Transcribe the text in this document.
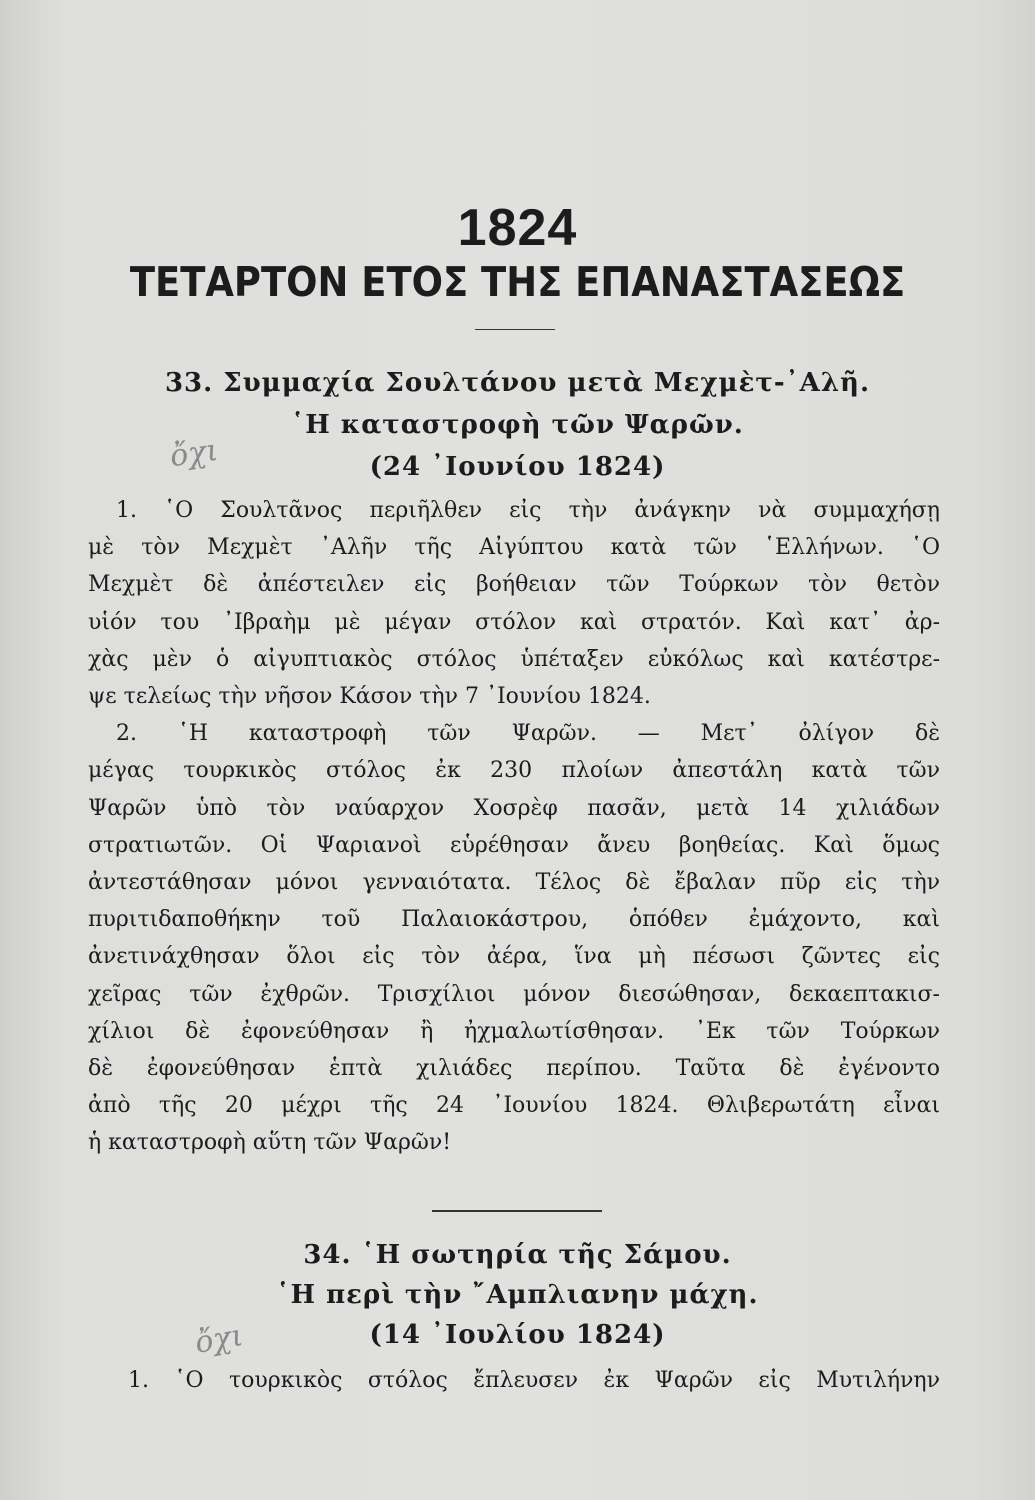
1824
ΤΕΤΑΡΤΟΝ ΕΤΟΣ ΤΗΣ ΕΠΑΝΑΣΤΑΣΕΩΣ
33. Συμμαχία Σουλτάνου μετὰ Μεχμὲτ-᾿Αλῆ.
῾Η καταστροφὴ τῶν Ψαρῶν.
(24 ᾿Ιουνίου 1824)
ὄχι
1. ῾Ο Σουλτᾶνος περιῆλθεν εἰς τὴν ἀνάγκην νὰ συμμαχήσῃ
μὲ τὸν Μεχμὲτ ᾿Αλῆν τῆς Αἰγύπτου κατὰ τῶν ῾Ελλήνων. ῾Ο
Μεχμὲτ δὲ ἀπέστειλεν εἰς βοήθειαν τῶν Τούρκων τὸν θετὸν
υἱόν του ᾿Ιβραὴμ μὲ μέγαν στόλον καὶ στρατόν. Καὶ κατ᾿ ἀρ-
χὰς μὲν ὁ αἰγυπτιακὸς στόλος ὑπέταξεν εὐκόλως καὶ κατέστρε-
ψε τελείως τὴν νῆσον Κάσον τὴν 7 ᾿Ιουνίου 1824.
2. ῾Η καταστροφὴ τῶν Ψαρῶν. — Μετ᾿ ὀλίγον δὲ
μέγας τουρκικὸς στόλος ἐκ 230 πλοίων ἀπεστάλη κατὰ τῶν
Ψαρῶν ὑπὸ τὸν ναύαρχον Χοσρὲφ πασᾶν, μετὰ 14 χιλιάδων
στρατιωτῶν. Οἱ Ψαριανοὶ εὑρέθησαν ἄνευ βοηθείας. Καὶ ὅμως
ἀντεστάθησαν μόνοι γενναιότατα. Τέλος δὲ ἔβαλαν πῦρ εἰς τὴν
πυριτιδαποθήκην τοῦ Παλαιοκάστρου, ὁπόθεν ἐμάχοντο, καὶ
ἀνετινάχθησαν ὅλοι εἰς τὸν ἀέρα, ἵνα μὴ πέσωσι ζῶντες εἰς
χεῖρας τῶν ἐχθρῶν. Τρισχίλιοι μόνον διεσώθησαν, δεκαεπτακισ-
χίλιοι δὲ ἐφονεύθησαν ἢ ἠχμαλωτίσθησαν. ᾿Εκ τῶν Τούρκων
δὲ ἐφονεύθησαν ἑπτὰ χιλιάδες περίπου. Ταῦτα δὲ ἐγένοντο
ἀπὸ τῆς 20 μέχρι τῆς 24 ᾿Ιουνίου 1824. Θλιβερωτάτη εἶναι
ἡ καταστροφὴ αὕτη τῶν Ψαρῶν!
34. ῾Η σωτηρία τῆς Σάμου.
῾Η περὶ τὴν ῎Αμπλιανην μάχη.
(14 ᾿Ιουλίου 1824)
ὄχι
1. ῾Ο τουρκικὸς στόλος ἔπλευσεν ἐκ Ψαρῶν εἰς Μυτιλήνην
